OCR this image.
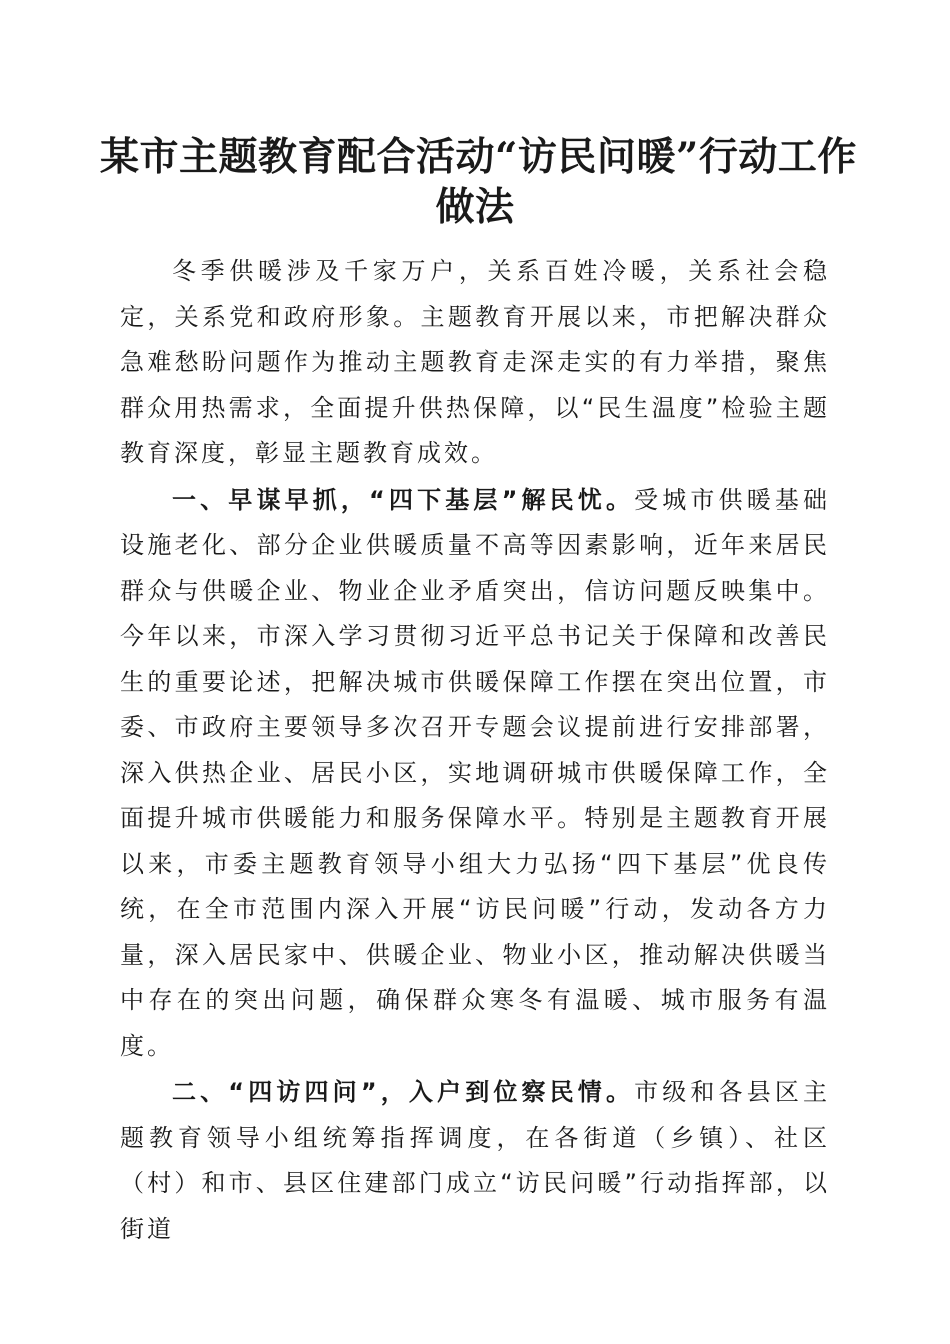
某市主题教育配合活动“访民问暖”行动工作
做法

冬季供暖涉及千家万户，关系百姓冷暖，关系社会稳定，关系党和政府形象。主题教育开展以来，市把解决群众急难愁盼问题作为推动主题教育走深走实的有力举措，聚焦群众用热需求，全面提升供热保障，以“民生温度”检验主题教育深度，彰显主题教育成效。

一、早谋早抓，“四下基层”解民忧。受城市供暖基础设施老化、部分企业供暖质量不高等因素影响，近年来居民群众与供暖企业、物业企业矛盾突出，信访问题反映集中。今年以来，市深入学习贯彻习近平总书记关于保障和改善民生的重要论述，把解决城市供暖保障工作摆在突出位置，市委、市政府主要领导多次召开专题会议提前进行安排部署，深入供热企业、居民小区，实地调研城市供暖保障工作，全面提升城市供暖能力和服务保障水平。特别是主题教育开展以来，市委主题教育领导小组大力弘扬“四下基层”优良传统，在全市范围内深入开展“访民问暖”行动，发动各方力量，深入居民家中、供暖企业、物业小区，推动解决供暖当中存在的突出问题，确保群众寒冬有温暖、城市服务有温度。

二、“四访四问”，入户到位察民情。市级和各县区主题教育领导小组统筹指挥调度，在各街道（乡镇）、社区（村）和市、县区住建部门成立“访民问暖”行动指挥部，以街道
